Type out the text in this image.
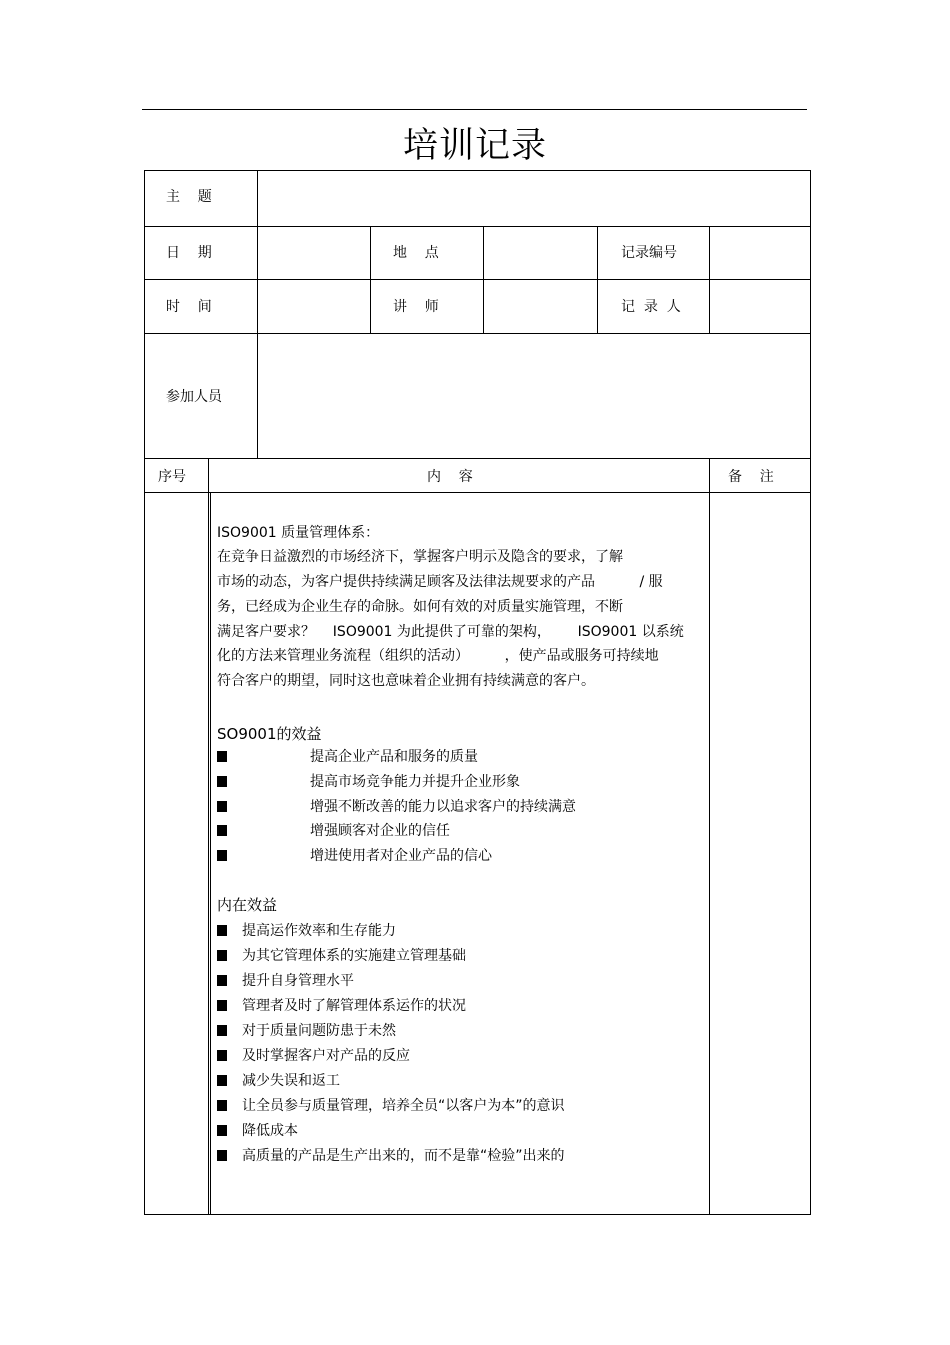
培训记录
主    题
日    期	地    点	记录编号
时    间	讲    师	记  录  人
参加人员
序号	内    容	备    注
ISO9001 质量管理体系：
在竞争日益激烈的市场经济下，掌握客户明示及隐含的要求，了解
市场的动态，为客户提供持续满足顾客及法律法规要求的产品          / 服
务，已经成为企业生存的命脉。如何有效的对质量实施管理，不断
满足客户要求？    ISO9001 为此提供了可靠的架构，      ISO9001 以系统
化的方法来管理业务流程（组织的活动）        ，使产品或服务可持续地
符合客户的期望，同时这也意味着企业拥有持续满意的客户。
SO9001的效益
提高企业产品和服务的质量
提高市场竞争能力并提升企业形象
增强不断改善的能力以追求客户的持续满意
增强顾客对企业的信任
增进使用者对企业产品的信心
内在效益
提高运作效率和生存能力
为其它管理体系的实施建立管理基础
提升自身管理水平
管理者及时了解管理体系运作的状况
对于质量问题防患于未然
及时掌握客户对产品的反应
减少失误和返工
让全员参与质量管理，培养全员“以客户为本”的意识
降低成本
高质量的产品是生产出来的，而不是靠“检验”出来的
